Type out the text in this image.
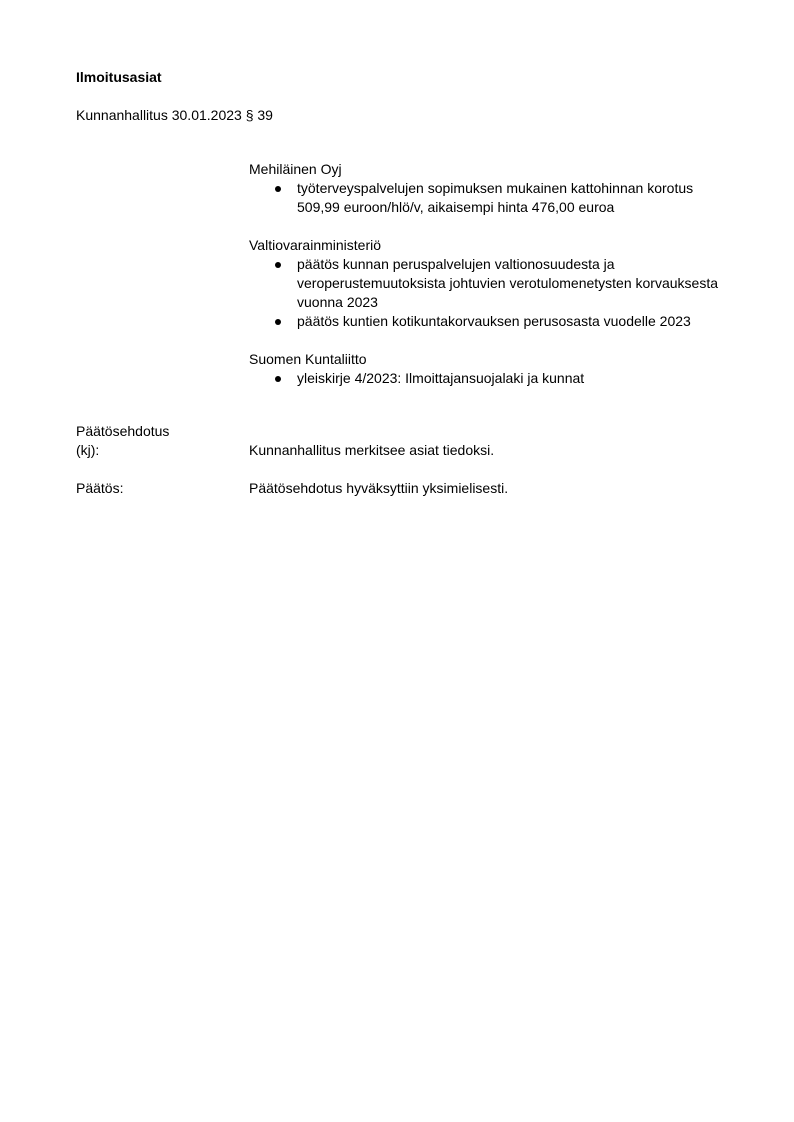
Ilmoitusasiat
Kunnanhallitus 30.01.2023 § 39

Mehiläinen Oyj

työterveyspalvelujen sopimuksen mukainen kattohinnan korotus 509,99 euroon/hlö/v, aikaisempi hinta 476,00 euroa

Valtiovarainministeriö

päätös kunnan peruspalvelujen valtionosuudesta ja veroperustemuutoksista johtuvien verotulomenetysten korvauksesta vuonna 2023
päätös kuntien kotikuntakorvauksen perusosasta vuodelle 2023

Suomen Kuntaliitto

yleiskirje 4/2023: Ilmoittajansuojalaki ja kunnat
Päätösehdotus
(kj):	Kunnanhallitus merkitsee asiat tiedoksi.
Päätös:	Päätösehdotus hyväksyttiin yksimielisesti.
